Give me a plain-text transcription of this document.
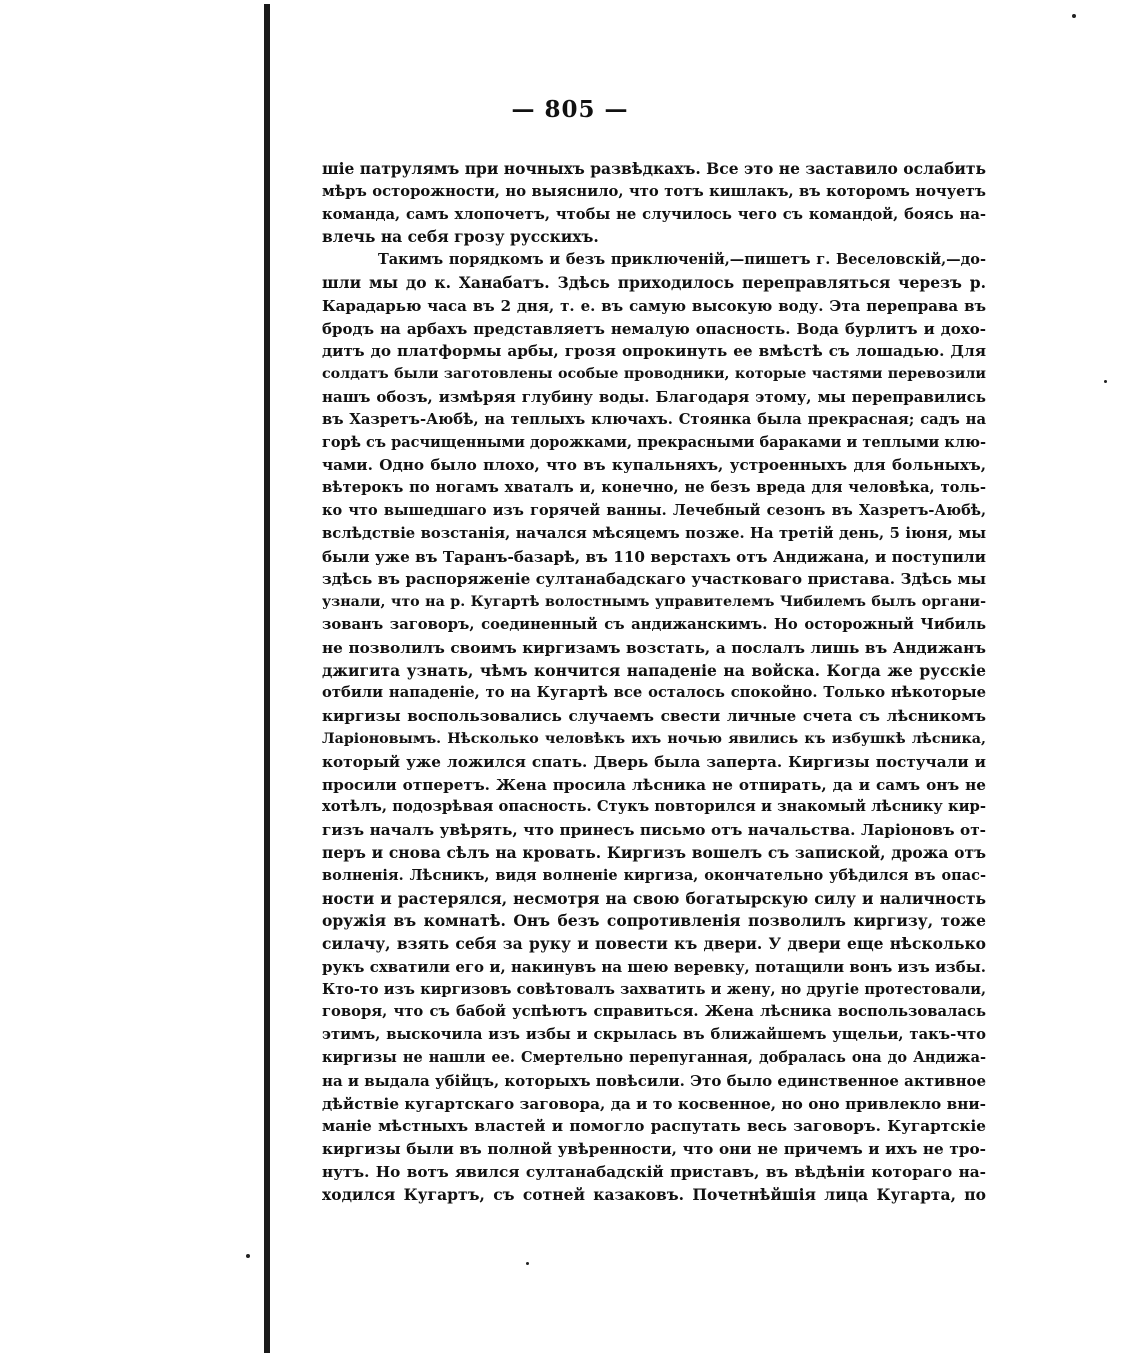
— 805 —
шіе патрулямъ при ночныхъ развѣдкахъ. Все это не заставило ослабить
мѣръ осторожности, но выяснило, что тотъ кишлакъ, въ которомъ ночуетъ
команда, самъ хлопочетъ, чтобы не случилось чего съ командой, боясь на-
влечь на себя грозу русскихъ.
Такимъ порядкомъ и безъ приключеній,—пишетъ г. Веселовскій,—до-
шли мы до к. Ханабатъ. Здѣсь приходилось переправляться черезъ р.
Карадарью часа въ 2 дня, т. е. въ самую высокую воду. Эта переправа въ
бродъ на арбахъ представляетъ немалую опасность. Вода бурлитъ и дохо-
дитъ до платформы арбы, грозя опрокинуть ее вмѣстѣ съ лошадью. Для
солдатъ были заготовлены особые проводники, которые частями перевозили
нашъ обозъ, измѣряя глубину воды. Благодаря этому, мы переправились
въ Хазретъ-Аюбѣ, на теплыхъ ключахъ. Стоянка была прекрасная; садъ на
горѣ съ расчищенными дорожками, прекрасными бараками и теплыми клю-
чами. Одно было плохо, что въ купальняхъ, устроенныхъ для больныхъ,
вѣтерокъ по ногамъ хваталъ и, конечно, не безъ вреда для человѣка, толь-
ко что вышедшаго изъ горячей ванны. Лечебный сезонъ въ Хазретъ-Аюбѣ,
вслѣдствіе возстанія, начался мѣсяцемъ позже. На третій день, 5 іюня, мы
были уже въ Таранъ-базарѣ, въ 110 верстахъ отъ Андижана, и поступили
здѣсь въ распоряженіе султанабадскаго участковаго пристава. Здѣсь мы
узнали, что на р. Кугартѣ волостнымъ управителемъ Чибилемъ былъ органи-
зованъ заговоръ, соединенный съ андижанскимъ. Но осторожный Чибиль
не позволилъ своимъ киргизамъ возстать, а послалъ лишь въ Андижанъ
джигита узнать, чѣмъ кончится нападеніе на войска. Когда же русскіе
отбили нападеніе, то на Кугартѣ все осталось спокойно. Только нѣкоторые
киргизы воспользовались случаемъ свести личные счета съ лѣсникомъ
Ларіоновымъ. Нѣсколько человѣкъ ихъ ночью явились къ избушкѣ лѣсника,
который уже ложился спать. Дверь была заперта. Киргизы постучали и
просили отперетъ. Жена просила лѣсника не отпирать, да и самъ онъ не
хотѣлъ, подозрѣвая опасность. Стукъ повторился и знакомый лѣснику кир-
гизъ началъ увѣрять, что принесъ письмо отъ начальства. Ларіоновъ от-
перъ и снова сѣлъ на кровать. Киргизъ вошелъ съ запиской, дрожа отъ
волненія. Лѣсникъ, видя волненіе киргиза, окончательно убѣдился въ опас-
ности и растерялся, несмотря на свою богатырскую силу и наличность
оружія въ комнатѣ. Онъ безъ сопротивленія позволилъ киргизу, тоже
силачу, взять себя за руку и повести къ двери. У двери еще нѣсколько
рукъ схватили его и, накинувъ на шею веревку, потащили вонъ изъ избы.
Кто-то изъ киргизовъ совѣтовалъ захватить и жену, но другіе протестовали,
говоря, что съ бабой успѣютъ справиться. Жена лѣсника воспользовалась
этимъ, выскочила изъ избы и скрылась въ ближайшемъ ущельи, такъ-что
киргизы не нашли ее. Смертельно перепуганная, добралась она до Андижа-
на и выдала убійцъ, которыхъ повѣсили. Это было единственное активное
дѣйствіе кугартскаго заговора, да и то косвенное, но оно привлекло вни-
маніе мѣстныхъ властей и помогло распутать весь заговоръ. Кугартскіе
киргизы были въ полной увѣренности, что они не причемъ и ихъ не тро-
нутъ. Но вотъ явился султанабадскій приставъ, въ вѣдѣніи котораго на-
ходился Кугартъ, съ сотней казаковъ. Почетнѣйшія лица Кугарта, по
